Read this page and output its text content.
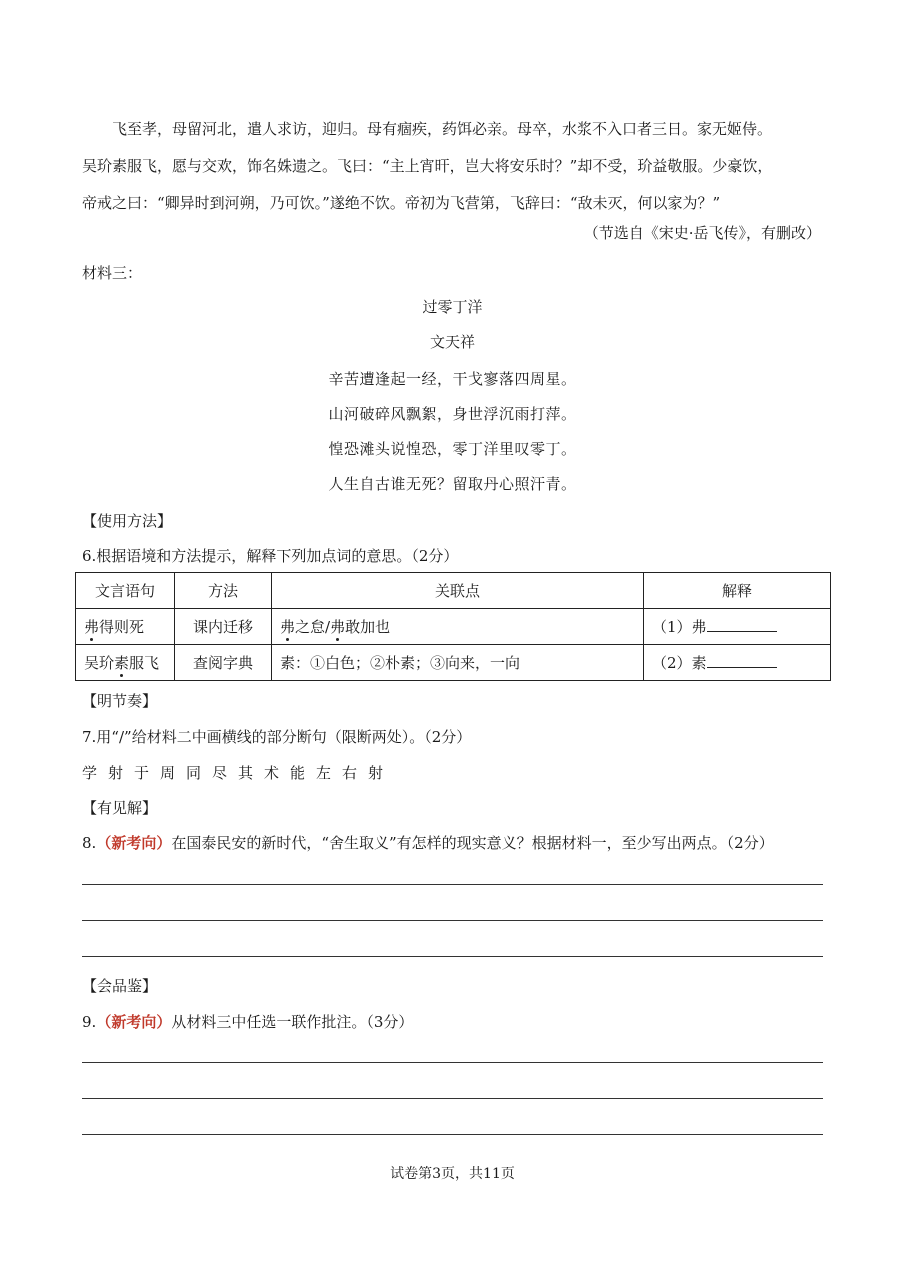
飞至孝，母留河北，遣人求访，迎归。母有痼疾，药饵必亲。母卒，水浆不入口者三日。家无姬侍。
吴玠素服飞，愿与交欢，饰名姝遗之。飞曰：“主上宵旰，岂大将安乐时？”却不受，玠益敬服。少豪饮，
帝戒之曰：“卿异时到河朔，乃可饮。”遂绝不饮。帝初为飞营第，飞辞曰：“敌未灭，何以家为？”
（节选自《宋史·岳飞传》，有删改）
材料三：
过零丁洋
文天祥
辛苦遭逢起一经，干戈寥落四周星。
山河破碎风飘絮，身世浮沉雨打萍。
惶恐滩头说惶恐，零丁洋里叹零丁。
人生自古谁无死？留取丹心照汗青。
【使用方法】
6.根据语境和方法提示，解释下列加点词的意思。（2分）
文言语句	方法	关联点	解释
弗得则死	课内迁移	弗之怠/弗敢加也	（1）弗
吴玠素服飞	查阅字典	素：①白色；②朴素；③向来，一向	（2）素
【明节奏】
7.用“/”给材料二中画横线的部分断句（限断两处）。（2分）
学射于周同尽其术能左右射
【有见解】
8.（新考向）在国泰民安的新时代，“舍生取义”有怎样的现实意义？根据材料一，至少写出两点。（2分）
【会品鉴】
9.（新考向）从材料三中任选一联作批注。（3分）
试卷第3页，共11页
